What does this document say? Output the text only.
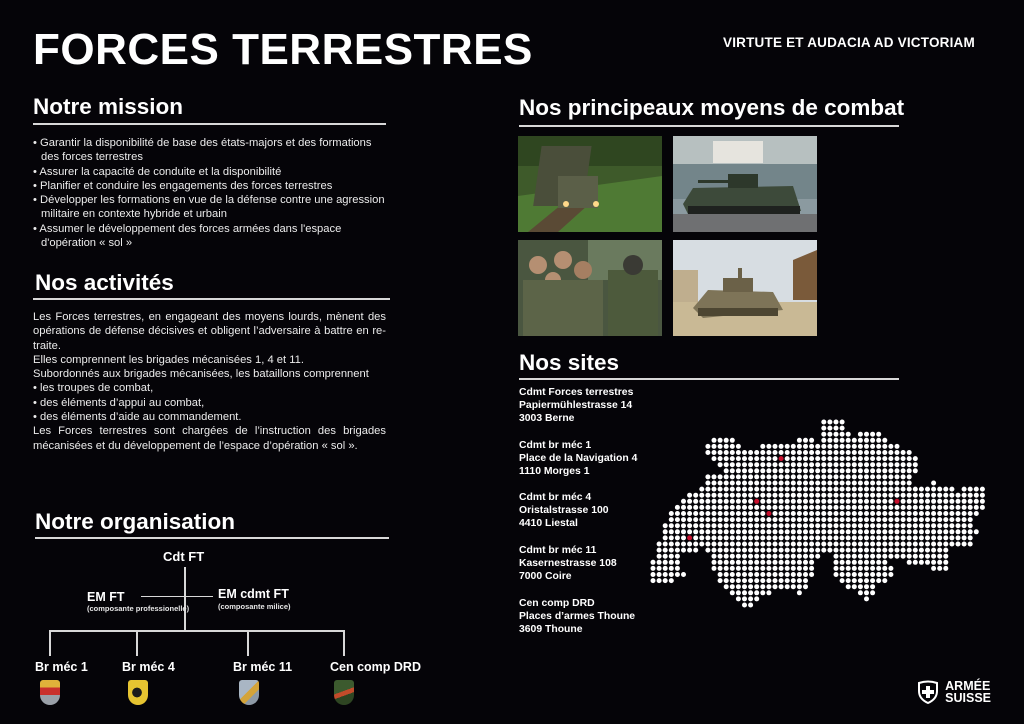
FORCES TERRESTRES	VIRTUTE ET AUDACIA AD VICTORIAM
Notre mission
• Garantir la disponibilité de base des états-majors et des formations des forces terrestres
• Assurer la capacité de conduite et la disponibilité
• Planifier et conduire les engagements des forces terrestres
• Développer les formations en vue de la défense contre une agression militaire en contexte hybride et urbain
• Assumer le développement des forces armées dans l'espace d'opération « sol »
Nos activités

Les Forces terrestres, en engageant des moyens lourds, mènent des opérations de défense décisives et obligent l’adversaire à battre en re-traite.

Elles comprennent les brigades mécanisées 1, 4 et 11.

Subordonnés aux brigades mécanisées, les bataillons comprennent

• les troupes de combat,
• des éléments d’appui au combat,
• des éléments d’aide au commandement.

Les Forces terrestres sont chargées de l’instruction des brigades mécanisées et du développement de l’espace d’opération « sol ».

Notre organisation
Cdt FT
EM FT
(composante professionelle)
EM cdmt FT
(composante milice)
Br méc 1	Br méc 4	Br méc 11	Cen comp DRD
Nos principeaux moyens de combat
Nos sites
Cdmt Forces terrestres
Papiermühlestrasse 14
3003 Berne
Cdmt br méc 1
Place de la Navigation 4
1110 Morges 1
Cdmt br méc 4
Oristalstrasse 100
4410 Liestal
Cdmt br méc 11
Kasernestrasse 108
7000 Coire
Cen comp DRD
Places d’armes Thoune
3609 Thoune
ARMÉE
SUISSE
